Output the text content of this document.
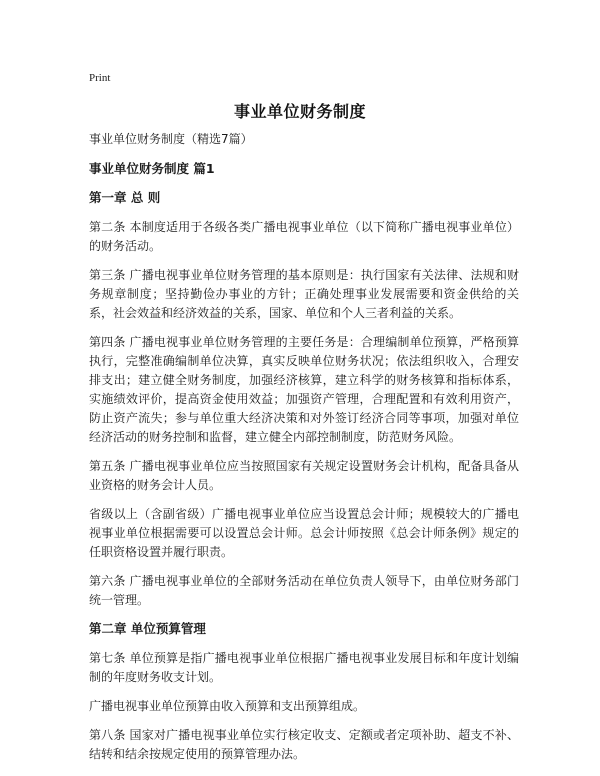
Print
事业单位财务制度
事业单位财务制度（精选7篇）
事业单位财务制度 篇1
第一章 总 则
第二条 本制度适用于各级各类广播电视事业单位（以下简称广播电视事业单位）的财务活动。
第三条 广播电视事业单位财务管理的基本原则是：执行国家有关法律、法规和财务规章制度；坚持勤俭办事业的方针；正确处理事业发展需要和资金供给的关系，社会效益和经济效益的关系，国家、单位和个人三者利益的关系。
第四条 广播电视事业单位财务管理的主要任务是：合理编制单位预算，严格预算执行，完整准确编制单位决算，真实反映单位财务状况；依法组织收入，合理安排支出；建立健全财务制度，加强经济核算，建立科学的财务核算和指标体系，实施绩效评价，提高资金使用效益；加强资产管理，合理配置和有效利用资产，防止资产流失；参与单位重大经济决策和对外签订经济合同等事项，加强对单位经济活动的财务控制和监督，建立健全内部控制制度，防范财务风险。
第五条 广播电视事业单位应当按照国家有关规定设置财务会计机构，配备具备从业资格的财务会计人员。
省级以上（含副省级）广播电视事业单位应当设置总会计师；规模较大的广播电视事业单位根据需要可以设置总会计师。总会计师按照《总会计师条例》规定的任职资格设置并履行职责。
第六条 广播电视事业单位的全部财务活动在单位负责人领导下，由单位财务部门统一管理。
第二章 单位预算管理
第七条 单位预算是指广播电视事业单位根据广播电视事业发展目标和年度计划编制的年度财务收支计划。
广播电视事业单位预算由收入预算和支出预算组成。
第八条 国家对广播电视事业单位实行核定收支、定额或者定项补助、超支不补、结转和结余按规定使用的预算管理办法。
